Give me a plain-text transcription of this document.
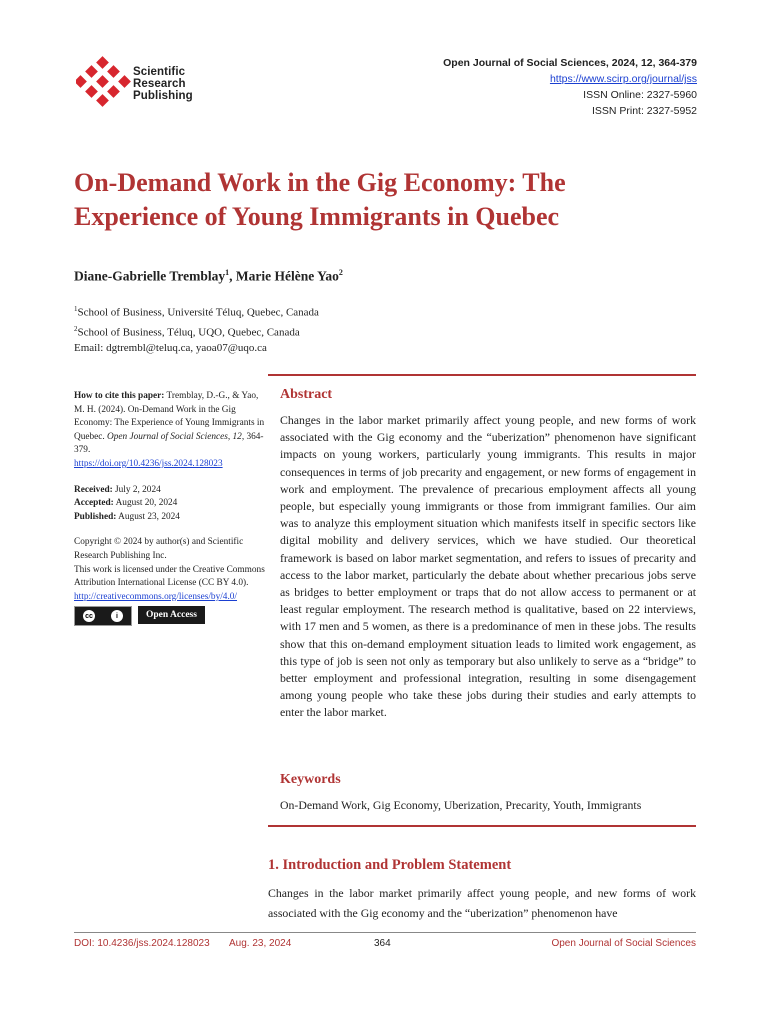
Scientific
Research
Publishing
Open Journal of Social Sciences, 2024, 12, 364-379
https://www.scirp.org/journal/jss
ISSN Online: 2327-5960
ISSN Print: 2327-5952
On-Demand Work in the Gig Economy: The
Experience of Young Immigrants in Quebec
Diane-Gabrielle Tremblay$^1$, Marie Hélène Yao$^2$
$^1$School of Business, Université Téluq, Quebec, Canada
$^2$School of Business, Téluq, UQO, Quebec, Canada
Email: dgtrembl@teluq.ca, yaoa07@uqo.ca
How to cite this paper: Tremblay, D.-G., & Yao, M. H. (2024). On-Demand Work in the Gig Economy: The Experience of Young Immigrants in Quebec. Open Journal of Social Sciences, 12, 364-379.
https://doi.org/10.4236/jss.2024.128023
Received: July 2, 2024
Accepted: August 20, 2024
Published: August 23, 2024
Copyright © 2024 by author(s) and Scientific Research Publishing Inc.
This work is licensed under the Creative Commons Attribution International License (CC BY 4.0).
http://creativecommons.org/licenses/by/4.0/
cc	i	Open Access
Abstract
Changes in the labor market primarily affect young people, and new forms of work associated with the Gig economy and the “uberization” phenomenon have significant impacts on young workers, particularly young immigrants. This results in major consequences in terms of job precarity and engagement, or new forms of engagement in work and employment. The prevalence of precarious employment affects all young people, but especially young immigrants or those from immigrant families. Our aim was to analyze this employment situation which manifests itself in specific sectors like digital mobility and delivery services, which we have studied. Our theoretical framework is based on labor market segmentation, and refers to issues of precarity and access to the labor market, particularly the debate about whether precarious jobs serve as bridges to better employment or traps that do not allow access to permanent or at least regular employment. The research method is qualitative, based on 22 interviews, with 17 men and 5 women, as there is a predominance of men in these jobs. The results show that this on-demand employment situation leads to limited work engagement, as this type of job is seen not only as temporary but also unlikely to serve as a “bridge” to better employment and professional integration, resulting in some disengagement among young people who take these jobs during their studies and early attempts to enter the labor market.
Keywords
On-Demand Work, Gig Economy, Uberization, Precarity, Youth, Immigrants
1. Introduction and Problem Statement
Changes in the labor market primarily affect young people, and new forms of work associated with the Gig economy and the “uberization” phenomenon have
DOI: 10.4236/jss.2024.128023 Aug. 23, 2024	364	Open Journal of Social Sciences
